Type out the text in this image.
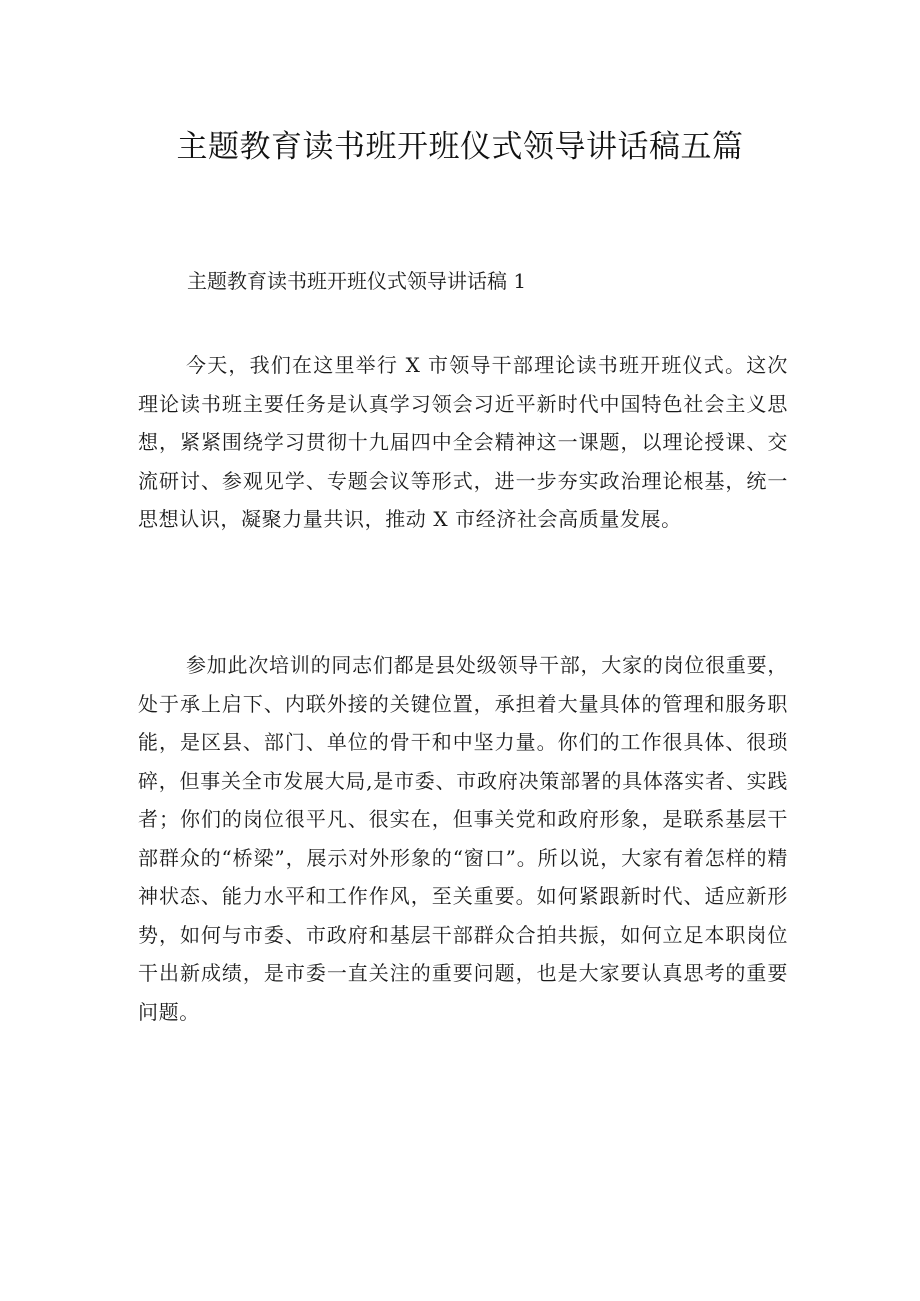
主题教育读书班开班仪式领导讲话稿五篇
主题教育读书班开班仪式领导讲话稿 1

今天，我们在这里举行 X 市领导干部理论读书班开班仪式。这次理论读书班主要任务是认真学习领会习近平新时代中国特色社会主义思想，紧紧围绕学习贯彻十九届四中全会精神这一课题，以理论授课、交流研讨、参观见学、专题会议等形式，进一步夯实政治理论根基，统一思想认识，凝聚力量共识，推动 X 市经济社会高质量发展。

参加此次培训的同志们都是县处级领导干部，大家的岗位很重要，处于承上启下、内联外接的关键位置，承担着大量具体的管理和服务职能，是区县、部门、单位的骨干和中坚力量。你们的工作很具体、很琐碎，但事关全市发展大局,是市委、市政府决策部署的具体落实者、实践者；你们的岗位很平凡、很实在，但事关党和政府形象，是联系基层干部群众的“桥梁”，展示对外形象的“窗口”。所以说，大家有着怎样的精神状态、能力水平和工作作风，至关重要。如何紧跟新时代、适应新形势，如何与市委、市政府和基层干部群众合拍共振，如何立足本职岗位干出新成绩，是市委一直关注的重要问题，也是大家要认真思考的重要问题。
